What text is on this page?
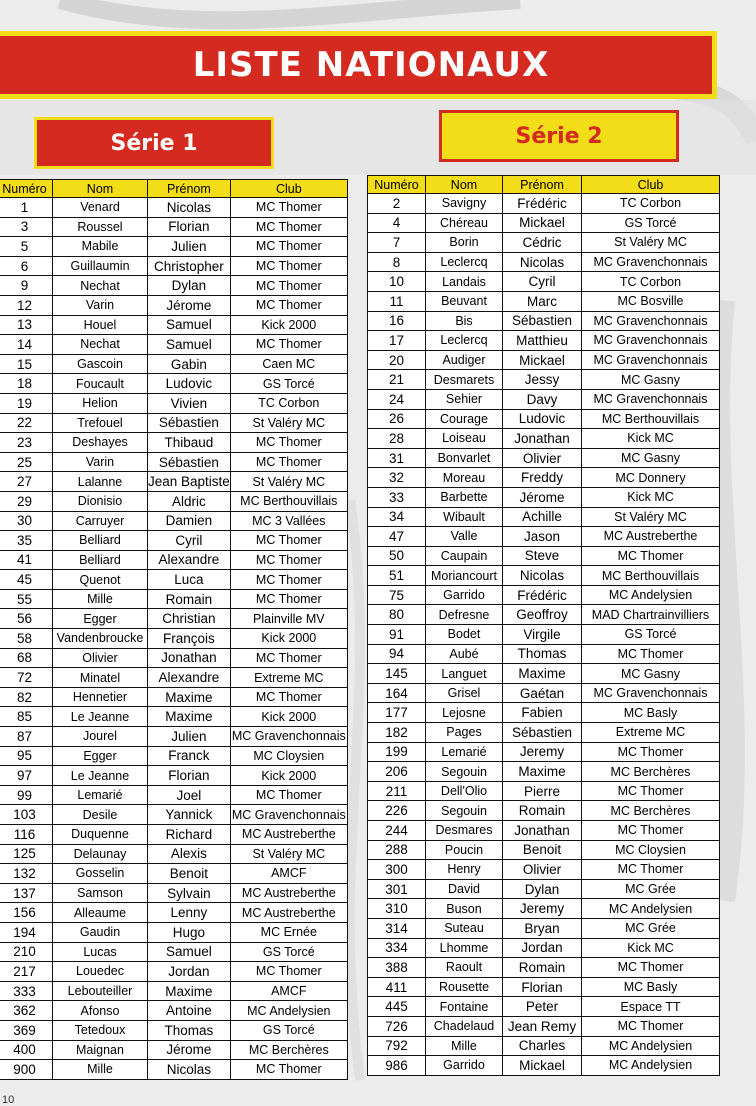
LISTE NATIONAUX
Série 1	Série 2
Numéro	Nom	Prénom	Club
1	Venard	Nicolas	MC Thomer
3	Roussel	Florian	MC Thomer
5	Mabile	Julien	MC Thomer
6	Guillaumin	Christopher	MC Thomer
9	Nechat	Dylan	MC Thomer
12	Varin	Jérome	MC Thomer
13	Houel	Samuel	Kick 2000
14	Nechat	Samuel	MC Thomer
15	Gascoin	Gabin	Caen MC
18	Foucault	Ludovic	GS Torcé
19	Helion	Vivien	TC Corbon
22	Trefouel	Sébastien	St Valéry MC
23	Deshayes	Thibaud	MC Thomer
25	Varin	Sébastien	MC Thomer
27	Lalanne	Jean Baptiste	St Valéry MC
29	Dionisio	Aldric	MC Berthouvillais
30	Carruyer	Damien	MC 3 Vallées
35	Belliard	Cyril	MC Thomer
41	Belliard	Alexandre	MC Thomer
45	Quenot	Luca	MC Thomer
55	Mille	Romain	MC Thomer
56	Egger	Christian	Plainville MV
58	Vandenbroucke	François	Kick 2000
68	Olivier	Jonathan	MC Thomer
72	Minatel	Alexandre	Extreme MC
82	Hennetier	Maxime	MC Thomer
85	Le Jeanne	Maxime	Kick 2000
87	Jourel	Julien	MC Gravenchonnais
95	Egger	Franck	MC Cloysien
97	Le Jeanne	Florian	Kick 2000
99	Lemarié	Joel	MC Thomer
103	Desile	Yannick	MC Gravenchonnais
116	Duquenne	Richard	MC Austreberthe
125	Delaunay	Alexis	St Valéry MC
132	Gosselin	Benoit	AMCF
137	Samson	Sylvain	MC Austreberthe
156	Alleaume	Lenny	MC Austreberthe
194	Gaudin	Hugo	MC Ernée
210	Lucas	Samuel	GS Torcé
217	Louedec	Jordan	MC Thomer
333	Lebouteiller	Maxime	AMCF
362	Afonso	Antoine	MC Andelysien
369	Tetedoux	Thomas	GS Torcé
400	Maignan	Jérome	MC Berchères
900	Mille	Nicolas	MC Thomer
Numéro	Nom	Prénom	Club
2	Savigny	Frédéric	TC Corbon
4	Chéreau	Mickael	GS Torcé
7	Borin	Cédric	St Valéry MC
8	Leclercq	Nicolas	MC Gravenchonnais
10	Landais	Cyril	TC Corbon
11	Beuvant	Marc	MC Bosville
16	Bis	Sébastien	MC Gravenchonnais
17	Leclercq	Matthieu	MC Gravenchonnais
20	Audiger	Mickael	MC Gravenchonnais
21	Desmarets	Jessy	MC Gasny
24	Sehier	Davy	MC Gravenchonnais
26	Courage	Ludovic	MC Berthouvillais
28	Loiseau	Jonathan	Kick MC
31	Bonvarlet	Olivier	MC Gasny
32	Moreau	Freddy	MC Donnery
33	Barbette	Jérome	Kick MC
34	Wibault	Achille	St Valéry MC
47	Valle	Jason	MC Austreberthe
50	Caupain	Steve	MC Thomer
51	Moriancourt	Nicolas	MC Berthouvillais
75	Garrido	Frédéric	MC Andelysien
80	Defresne	Geoffroy	MAD Chartrainvilliers
91	Bodet	Virgile	GS Torcé
94	Aubé	Thomas	MC Thomer
145	Languet	Maxime	MC Gasny
164	Grisel	Gaétan	MC Gravenchonnais
177	Lejosne	Fabien	MC Basly
182	Pages	Sébastien	Extreme MC
199	Lemarié	Jeremy	MC Thomer
206	Segouin	Maxime	MC Berchères
211	Dell'Olio	Pierre	MC Thomer
226	Segouin	Romain	MC Berchères
244	Desmares	Jonathan	MC Thomer
288	Poucin	Benoit	MC Cloysien
300	Henry	Olivier	MC Thomer
301	David	Dylan	MC Grée
310	Buson	Jeremy	MC Andelysien
314	Suteau	Bryan	MC Grée
334	Lhomme	Jordan	Kick MC
388	Raoult	Romain	MC Thomer
411	Rousette	Florian	MC Basly
445	Fontaine	Peter	Espace TT
726	Chadelaud	Jean Remy	MC Thomer
792	Mille	Charles	MC Andelysien
986	Garrido	Mickael	MC Andelysien
10
